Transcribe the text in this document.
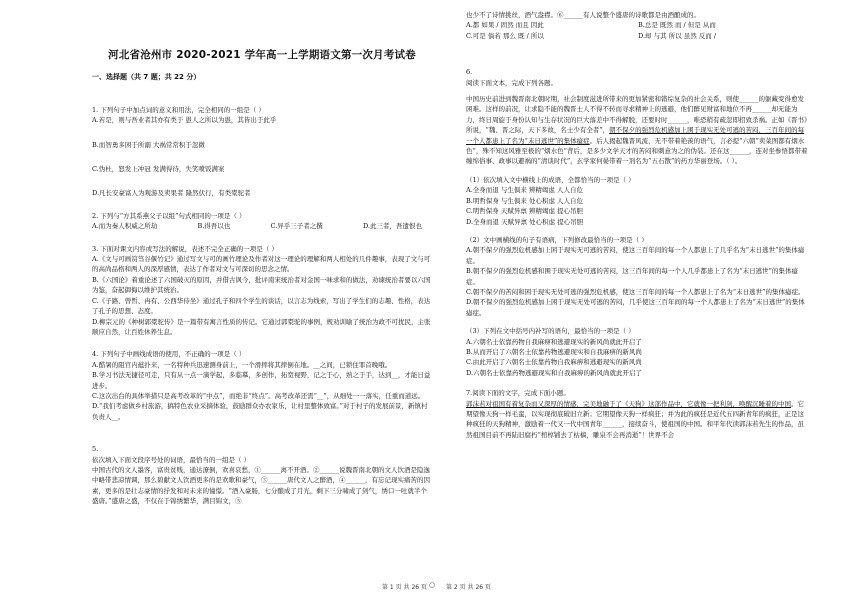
河北省沧州市 2020-2021 学年高一上学期语文第一次月考试卷
一、选择题（共 7 题；共 22 分）

1. 下列句子中加点词的意义和用法，完全相同的一组是（ ）

A.若是，则与吾业者其亦有类于 愚人之所以为愚，其皆出于此乎

B.而智勇多困于所溺 大祸常常积于忽微

C.伪杜，怒发上冲冠 发满得待，失笑喷饭满案

D.凡长安豪富人为观游及卖果者 隆然伏行，有类橐驼者

2. 下列与“方其系燕父子以组”句式相同的一项是（ ）

A.而为秦人积威之所劫	B.得吾以也	C.异乎三子者之撰	D.此三者，吾遗恨也

3. 下面对课文内容或写法的解说，表述不完全正确的一项是（ ）

A.《文与可画筼筜谷偃竹记》通过写文与可的画竹理论及作者对这一理论的理解和两人相处的几件趣事，表现了文与可的高尚品格和两人的深厚感情，表达了作者对文与可深切的思念之情。

B.《六国论》着重论述了六国破灭的原因，并借古讽今，批评南宋统治者对金国一味求和的做法，劝谏统治者要以六国为鉴，奋起御侮以维护其统治。

C.《子路、曾皙、冉有、公西华侍坐》通过孔子和四个学生的谈话，以言志为线索，写出了学生们的志趣、性格，表达了孔子的思想、态度。

D.柳宗元的《种树郭橐驼传》是一篇带有寓言性质的传记。它通过郭橐驼的事例，规劝训喻了统治为政不可扰民，主张顺应自然，让百姓休养生息。

4. 下列句子中画线成语的使用，不正确的一项是（ ）

A.酷暑的阻官内蕴扑来，一名特种兵迅速测身前上，一个滑摔将其摔倒在地。__之间，已锁住罪首晚哦。

B.学习书法无捷径可走，只有从一点一滴学起，多临摹，多创作，拓宽视野，记之于心，熟之于手，达到__，才能日益进步。

C.这次出台的具体举措只是高考改革的“中点”，而绝非“终点”。高考改革还需“__”，从细处一一落实，任重而道远。

D.“我们考虑做乡村旅游，搞特色农业采摘体验，鼓励群众办农家乐，让村里整体致富。”对于村子的发展前景，新镇村负责人__。

5.

依次填入下面文段序号处的词语，最恰当的一组是（ ）

中国古代的文人墨客，富贵贫贱，通达潦倒，欢喜哀愁，①______离不开酒。②______说魏晋南北朝的文人饮酒是隐逸中略带悲凉情调，那么碧献文人饮酒更多的是欢歌和豪气，③______唐代文人之醉酒，④______，有忘记现实痛苦的因素，更多的是壮志豪情的抒发和对未来的憧憬。“酒入豪肠，七分酿成了月光，剩下三分啸成了剑气，绣口一吐就半个盛唐。”盛唐之盛，不仅在于锦绣繁华，满目锦文，⑤

也少不了诗情挑丝，酒气盎襟。⑥______有人说整个盛唐的诗歌都是由酒酿成的。

A.都 如果 / 固然 而且 因此	B.总是 既然 而 / 但是 从而
C.可是 倘若 那么 既 / 所以	D.却 与其 所以 虽然 反而 /

6.

阅读下面文本，完成下列各题。

中国历史前进到魏晋南北朝时期，社会制度滋进所带来的更加紧密和错综复杂的社会关系，则使______的躯藏变得愈发困难。这样的前况，让求隐不能的魏晋士人不得不转而寻求精神上的逃避，他们醉见财富和地位不再______却无能为力，终日周旋于身份认知与生存状况的巨大落差中不得解脱，还要时时______，唯恐稍有疏忽即招致杀祸。正如《晋书》所说，“魏、晋之际，天下多故，名士少有全者”，朝不保夕的强烈危机感加上围于现实无处可逃的苦闷，三百年间的每一个人都患上了名为“末日逃世”的集体癔症。后人揭起魏晋风流，无不带着艳羡的语气，言必提“六朝”卖菜图都有烟水色”，殊不知这风雅至极的“烟水色”背后，是多少文学天才的苦闷和刺意为之的伪装。还在这______，连对坐参悟都带着缠绵俗事、政事以避祸的“清谈时代”，玄学家何晏带着一剂名为“五石散”的药方华丽登场。（ ）。

（1）依次填入文中横线上的成语，全都恰当的一项是（ ）

A.全身而退 与生俱来 辨精竭虑 人人自危

B.明哲保身 与生俱来 处心积虑 人人自危

C.明哲保身 天赋异禀 辨精竭虑 提心吊胆

D.全身而退 天赋异禀 处心积虑 提心吊胆

（2）文中画横线的句子有语病，下列修改最恰当的一项是（ ）

A.朝不保夕的强烈危机感加上困于现实无可逃的苦闷，使这三百年间的每一个人都患上了几乎名为“末日逃世”的集体癔症。

B.朝不保夕的强烈危机感和围于现实无处可逃的苦闷，这三百年间的每一个人几乎都患上了名为“末日逃世”的集体癔症。

C.朝不保夕的苦闷和困于现实无处可逃的强烈危机感，使这三百年间的每一个人都患上了名为“末日逃世”的集体癔症。

D.朝不保夕的强烈危机感加上困于现实无处可逃的苦闷，几乎使这三百年间的每一个人都患上了名为“末日逃世”的集体癔症。

（3）下列在文中括号内补写的语句，最恰当的一项是（ ）

A.六朝名士依靠药物自我麻痹和逃避现实的新风尚就此开启了

B.从而开启了六朝名士依靠药物逃避现实和自我麻痹的新风尚

C.由此开启了六朝名士依靠药物自我麻痹和逃避现实的新风尚

D.六朝名士依靠药物逃避现实和自我麻痹的新风尚就此开启了

7.阅读下面的文字，完成下面小题。

郭沫若对祖国有着复杂而又深厚的情感，完美地融于了《天狗》这部作品中，它就像一把利剑，唤醒沉睡着的中国。它期望像天狗一样毛蛮，以实现彻底破旧立新；它期望像天狗一样疯狂；并为此的疯狂是近代五四新青年的疯狂，正是这种疯狂的天狗精神，激励着一代又一代中国青年______，接续奋斗，使祖国的中国。和平年代读郭沫若先生的作品，虽然祖国目前不再陆旧腐朽“棺椁铺去了枯槁，雕泉不会再消逝”！世界不会

第 1 页 共 26 页 ○ 第 2 页 共 26 页
